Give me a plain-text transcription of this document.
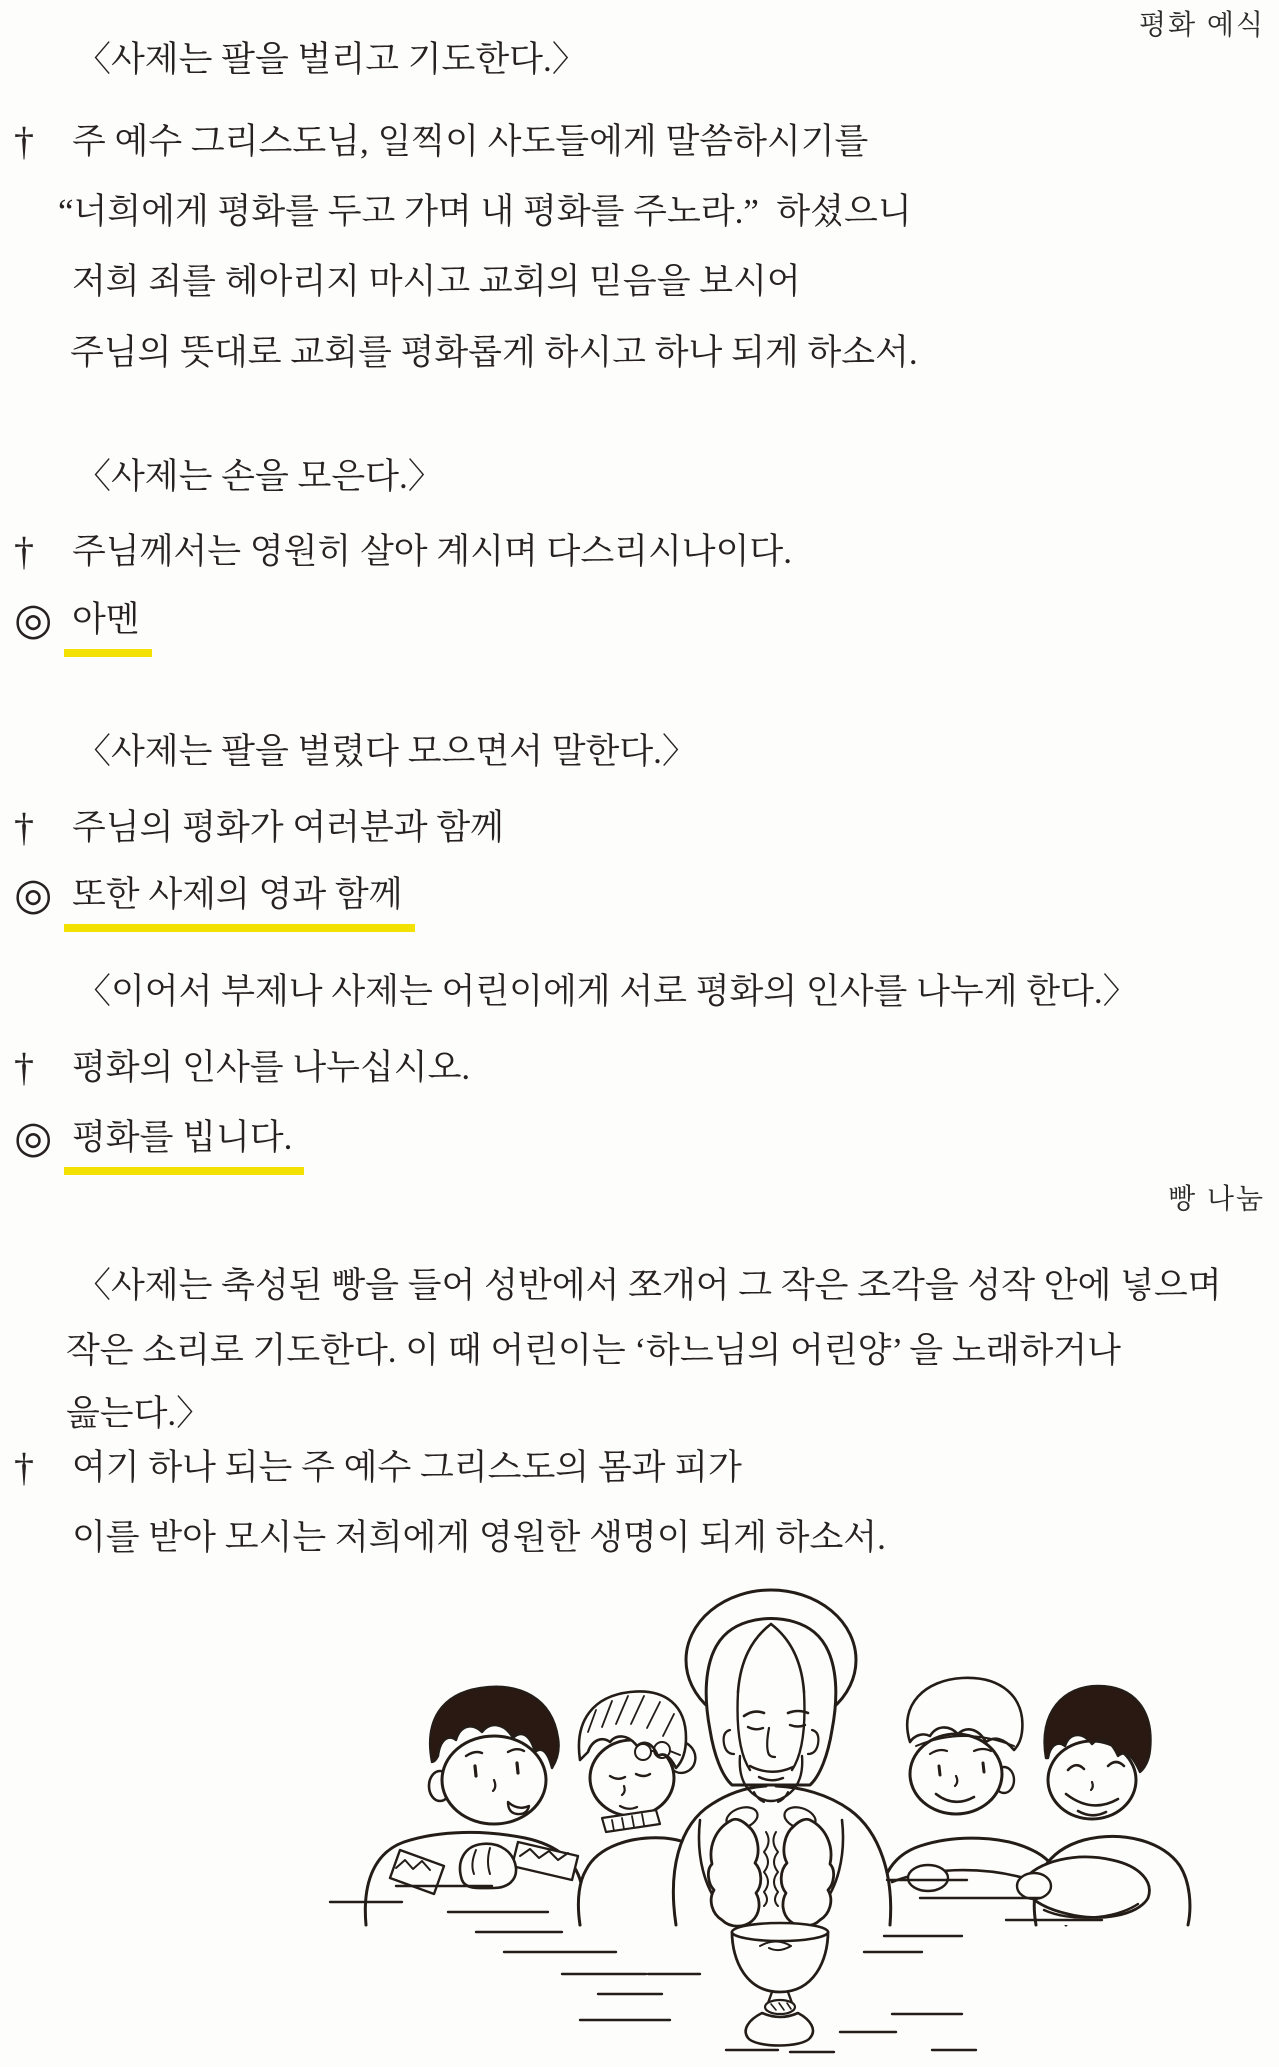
평화 예식
〈사제는 팔을 벌리고 기도한다.〉
†	주 예수 그리스도님, 일찍이 사도들에게 말씀하시기를
“너희에게 평화를 두고 가며 내 평화를 주노라.”  하셨으니
저희 죄를 헤아리지 마시고 교회의 믿음을 보시어
주님의 뜻대로 교회를 평화롭게 하시고 하나 되게 하소서.
〈사제는 손을 모은다.〉
†	주님께서는 영원히 살아 계시며 다스리시나이다.
◎ 아멘
〈사제는 팔을 벌렸다 모으면서 말한다.〉
†	주님의 평화가 여러분과 함께
◎ 또한 사제의 영과 함께
〈이어서 부제나 사제는 어린이에게 서로 평화의 인사를 나누게 한다.〉
†	평화의 인사를 나누십시오.
◎ 평화를 빕니다.
빵 나눔
〈사제는 축성된 빵을 들어 성반에서 쪼개어 그 작은 조각을 성작 안에 넣으며
작은 소리로 기도한다. 이 때 어린이는 ‘하느님의 어린양’ 을 노래하거나
읊는다.〉
†	여기 하나 되는 주 예수 그리스도의 몸과 피가
이를 받아 모시는 저희에게 영원한 생명이 되게 하소서.
